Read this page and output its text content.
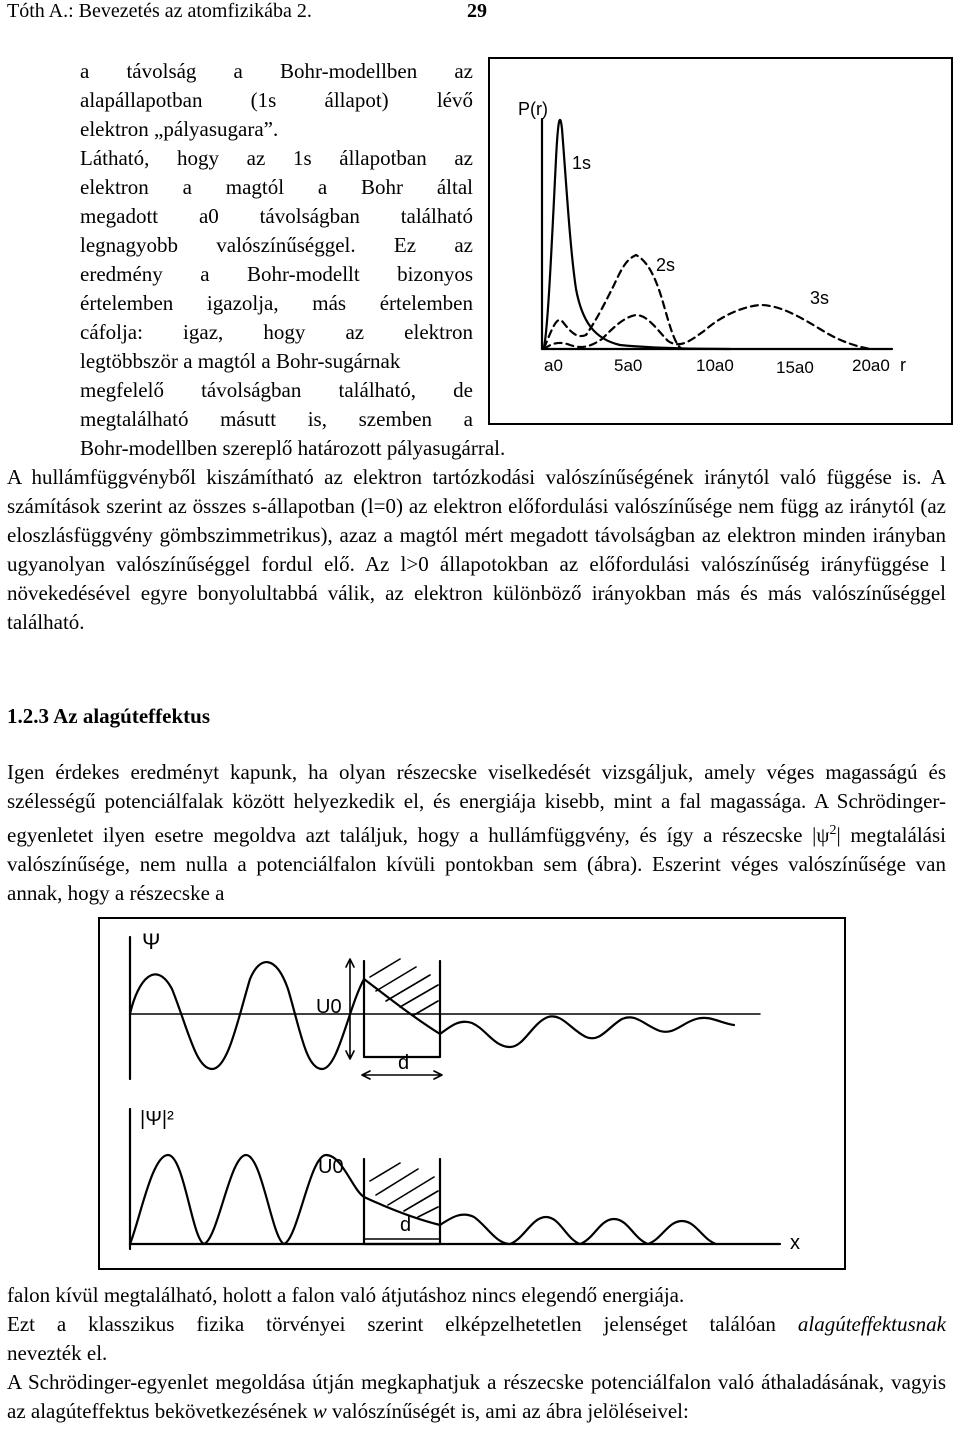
Tóth A.: Bevezetés az atomfizikába 2.	29
a távolság a Bohr-modellben az
alapállapotban (1s állapot) lévő
elektron „pályasugara”.
Látható, hogy az 1s állapotban az
elektron a magtól a Bohr által
megadott a0 távolságban található
legnagyobb valószínűséggel. Ez az
eredmény a Bohr-modellt bizonyos
értelemben igazolja, más értelemben
cáfolja: igaz, hogy az elektron
legtöbbször a magtól a Bohr-sugárnak
megfelelő távolságban található, de
megtalálható másutt is, szemben a
P(r)
1s
2s
3s
a0	5a0	10a0 15a0 20a0 r

Bohr-modellben szereplő határozott pályasugárral.

A hullámfüggvényből kiszámítható az elektron tartózkodási valószínűségének iránytól való függése is. A számítások szerint az összes s-állapotban (l=0) az elektron előfordulási valószínűsége nem függ az iránytól (az eloszlásfüggvény gömbszimmetrikus), azaz a magtól mért megadott távolságban az elektron minden irányban ugyanolyan valószínűséggel fordul elő. Az l>0 állapotokban az előfordulási valószínűség irányfüggése l növekedésével egyre bonyolultabbá válik, az elektron különböző irányokban más és más valószínűséggel található.

1.2.3 Az alagúteffektus

Igen érdekes eredményt kapunk, ha olyan részecske viselkedését vizsgáljuk, amely véges magasságú és szélességű potenciálfalak között helyezkedik el, és energiája kisebb, mint a fal magassága. A Schrödinger-egyenletet ilyen esetre megoldva azt találjuk, hogy a hullámfüggvény, és így a részecske $|\psi^2|$ megtalálási valószínűsége, nem nulla a potenciálfalon kívüli pontokban sem (ábra). Eszerint véges valószínűsége van annak, hogy a részecske a

Ψ
U0
d
|Ψ|²
U0
d
x

falon kívül megtalálható, holott a falon való átjutáshoz nincs elegendő energiája.

Ezt a klasszikus fizika törvényei szerint elképzelhetetlen jelenséget találóan alagúteffektusnak

nevezték el.

A Schrödinger-egyenlet megoldása útján megkaphatjuk a részecske potenciálfalon való áthaladásának, vagyis az alagúteffektus bekövetkezésének w valószínűségét is, ami az ábra jelöléseivel:
